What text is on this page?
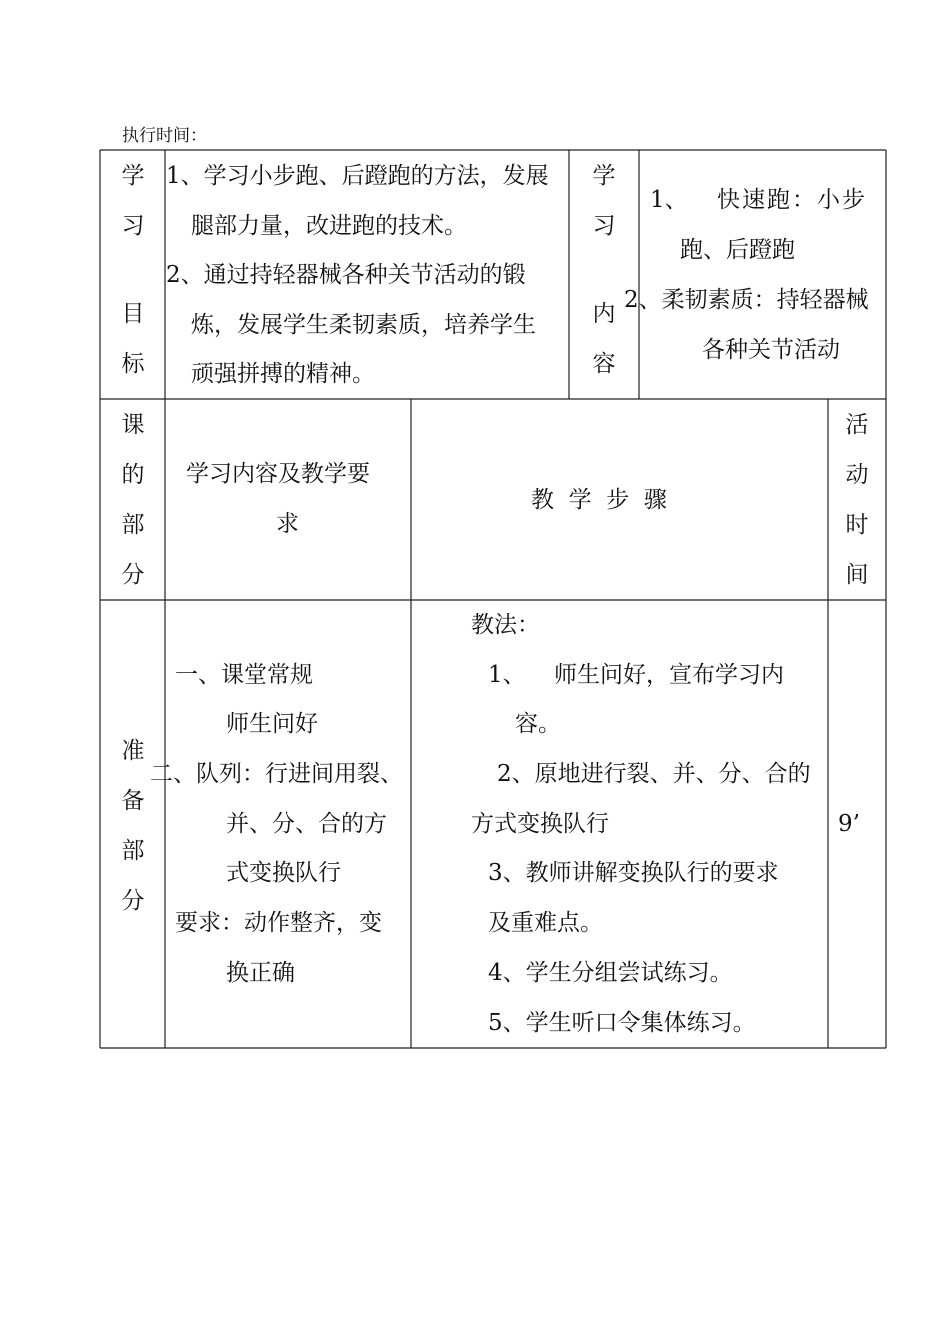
执行时间：
学
习
目
标
1、学习小步跑、后蹬跑的方法，发展
腿部力量，改进跑的技术。
2、通过持轻器械各种关节活动的锻
炼，发展学生柔韧素质，培养学生
顽强拼搏的精神。
学
习
内
容
1、 快速跑：小步
跑、后蹬跑
2、柔韧素质：持轻器械
各种关节活动
课
的
部
分
学习内容及教学要
求
教  学  步  骤
活
动
时
间
准
备
部
分
一、课堂常规
师生问好
二、队列：行进间用裂、
并、分、合的方
式变换队行
要求：动作整齐，变
换正确
教法：
1、 师生问好，宣布学习内
容。
2、原地进行裂、并、分、合的
方式变换队行
3、教师讲解变换队行的要求
及重难点。
4、学生分组尝试练习。
5、学生听口令集体练习。
9’
